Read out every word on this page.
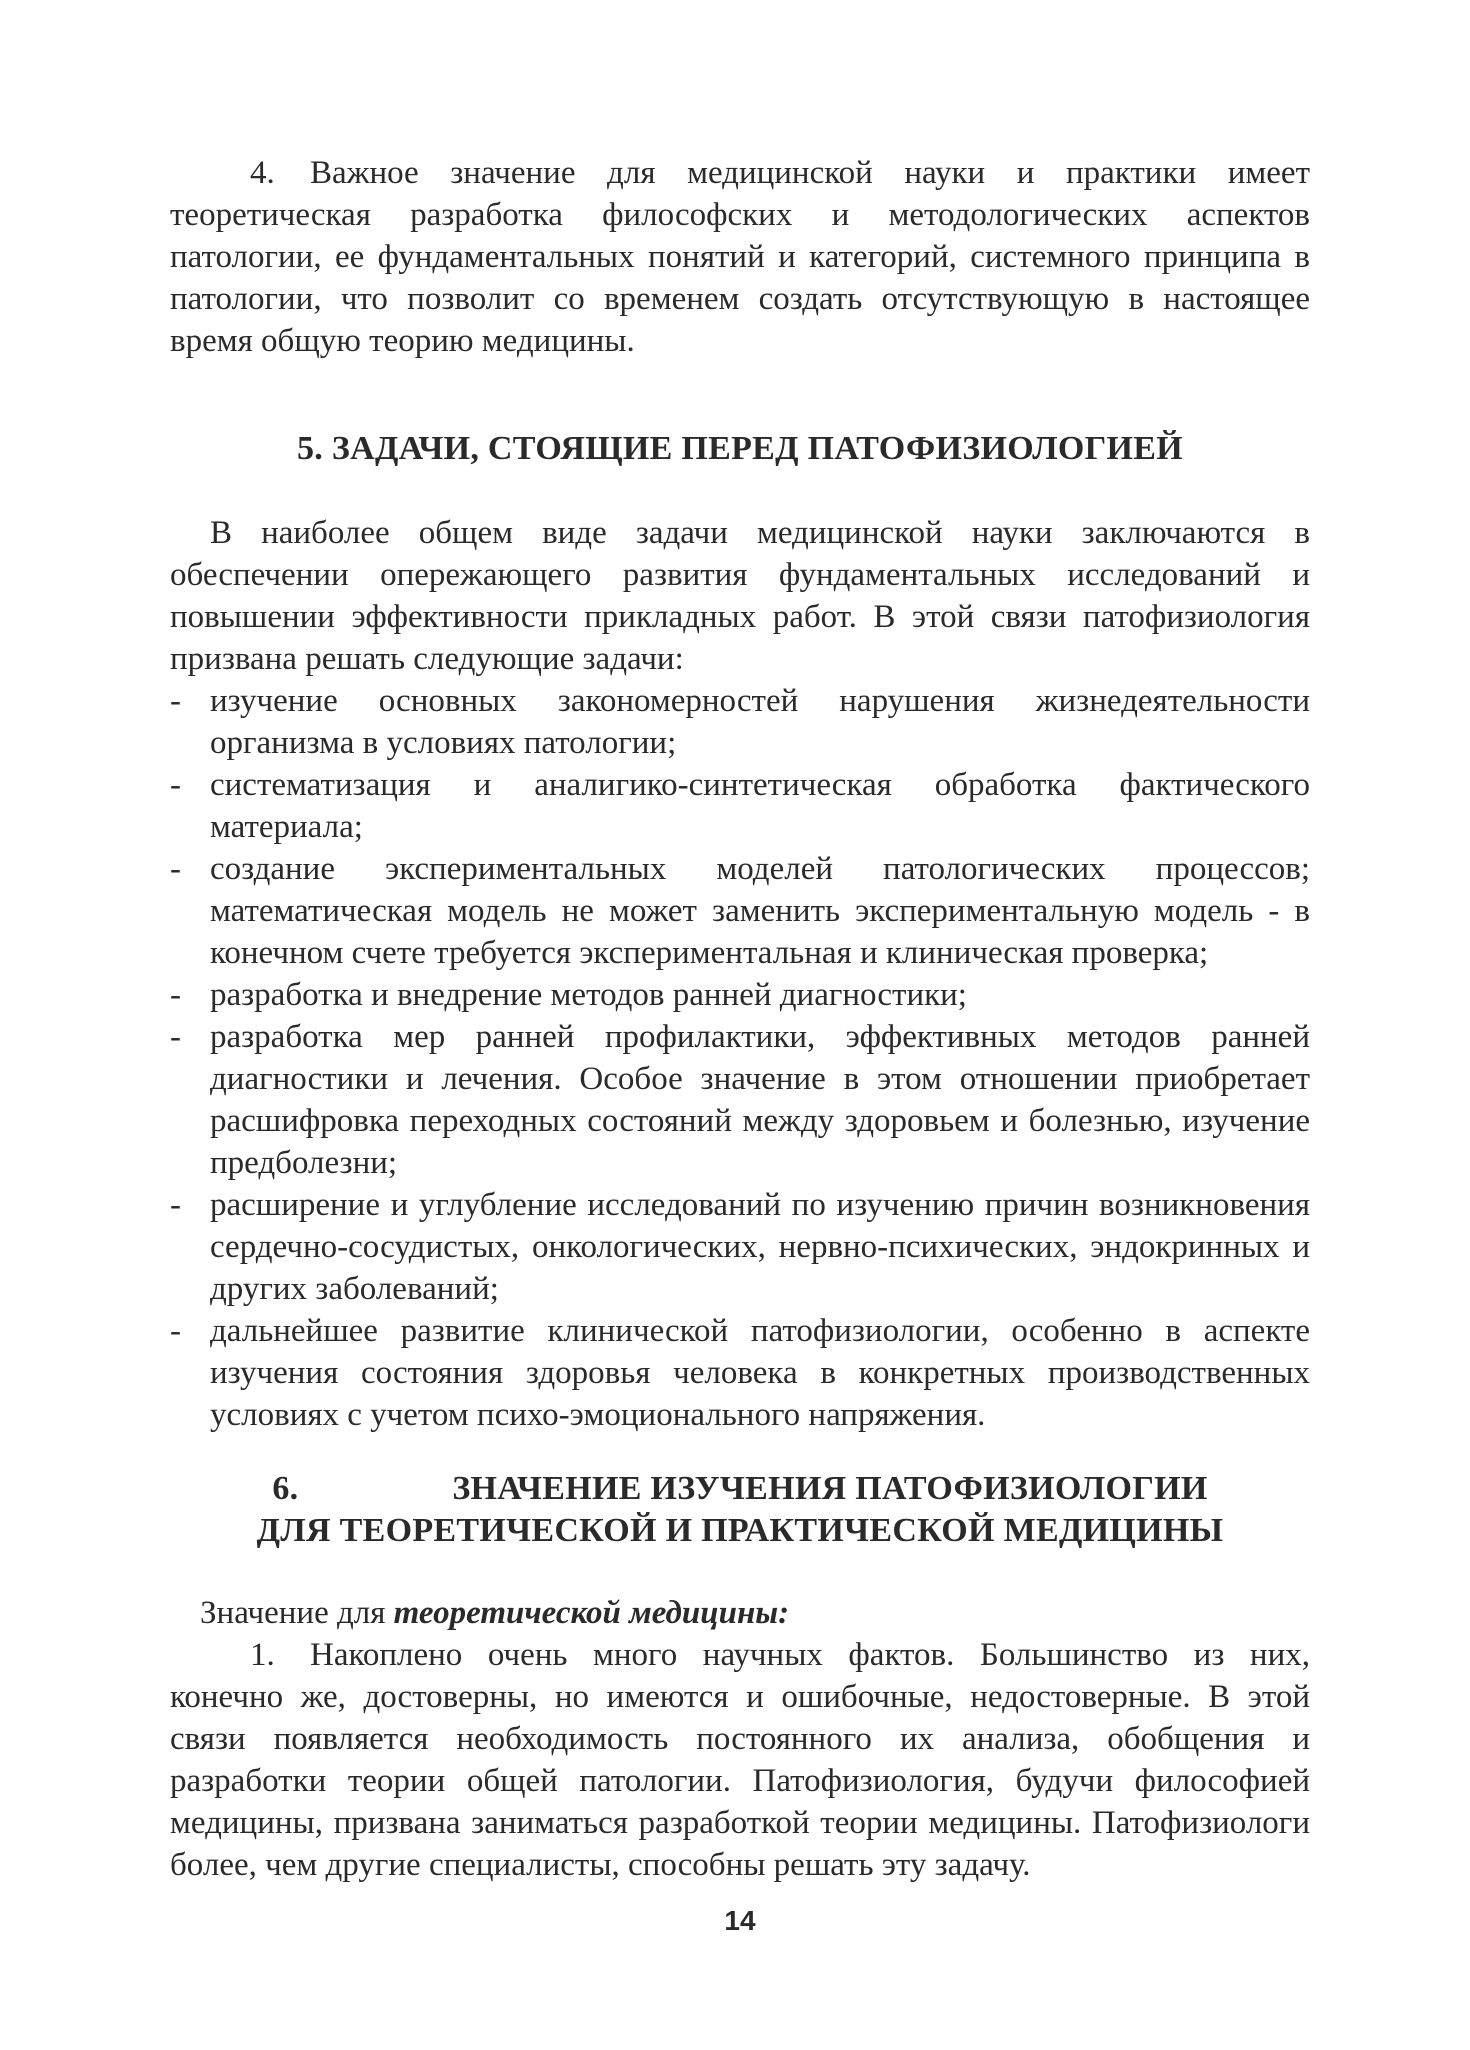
4. Важное значение для медицинской науки и практики имеет теоретическая разработка философских и методологических аспектов патологии, ее фундаментальных понятий и категорий, системного принципа в патологии, что позволит со временем создать отсутствующую в настоящее время общую теорию медицины.

5. ЗАДАЧИ, СТОЯЩИЕ ПЕРЕД ПАТОФИЗИОЛОГИЕЙ

В наиболее общем виде задачи медицинской науки заключаются в обеспечении опережающего развития фундаментальных исследований и повышении эффективности прикладных работ. В этой связи патофизиология призвана решать следующие задачи:

- изучение основных закономерностей нарушения жизнедеятельности организма в условиях патологии;
- систематизация и аналигико-синтетическая обработка фактического материала;
- создание экспериментальных моделей патологических процессов; математическая модель не может заменить экспериментальную модель - в конечном счете требуется экспериментальная и клиническая проверка;
- разработка и внедрение методов ранней диагностики;
- разработка мер ранней профилактики, эффективных методов ранней диагностики и лечения. Особое значение в этом отношении приобретает расшифровка переходных состояний между здоровьем и болезнью, изучение предболезни;
- расширение и углубление исследований по изучению причин возникновения сердечно-сосудистых, онкологических, нервно-психических, эндокринных и других заболеваний;
- дальнейшее развитие клинической патофизиологии, особенно в аспекте изучения состояния здоровья человека в конкретных производственных условиях с учетом психо-эмоционального напряжения.
6.	ЗНАЧЕНИЕ ИЗУЧЕНИЯ ПАТОФИЗИОЛОГИИ
ДЛЯ ТЕОРЕТИЧЕСКОЙ И ПРАКТИЧЕСКОЙ МЕДИЦИНЫ

Значение для теоретической медицины:

1. Накоплено очень много научных фактов. Большинство из них, конечно же, достоверны, но имеются и ошибочные, недостоверные. В этой связи появляется необходимость постоянного их анализа, обобщения и разработки теории общей патологии. Патофизиология, будучи философией медицины, призвана заниматься разработкой теории медицины. Патофизиологи более, чем другие специалисты, способны решать эту задачу.

14
